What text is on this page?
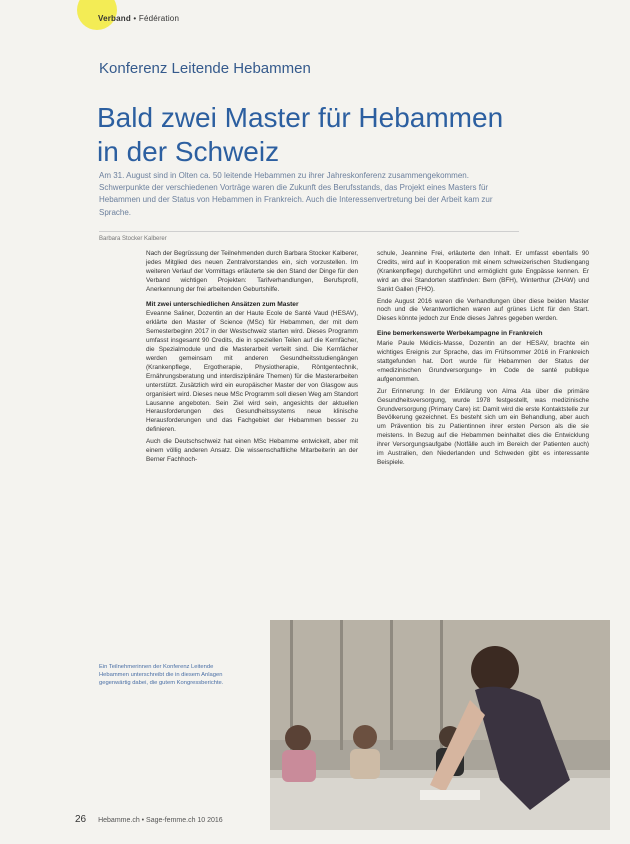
Verband • Fédération
Konferenz Leitende Hebammen
Bald zwei Master für Hebammen in der Schweiz
Am 31. August sind in Olten ca. 50 leitende Hebammen zu ihrer Jahreskonferenz zusammengekommen. Schwerpunkte der verschiedenen Vorträge waren die Zukunft des Berufsstands, das Projekt eines Masters für Hebammen und der Status von Hebammen in Frankreich. Auch die Interessenvertretung bei der Arbeit kam zur Sprache.
Barbara Stocker Kalberer

Nach der Begrüssung der Teilnehmenden durch Barbara Stocker Kalberer, jedes Mitglied des neuen Zentralvorstandes ein, sich vorzustellen. Im weiteren Verlauf der Vormittags erläuterte sie den Stand der Dinge für den Verband wichtigen Projekten: Tarifverhandlungen, Berufsprofil, Anerkennung der frei arbeitenden Geburtshilfe.

Mit zwei unterschiedlichen Ansätzen zum Master

Eveanne Saliner, Dozentin an der Haute Ecole de Santé Vaud (HESAV), erklärte den Master of Science (MSc) für Hebammen, der mit dem Semesterbeginn 2017 in der Westschweiz starten wird. Dieses Programm umfasst insgesamt 90 Credits, die in speziellen Teilen auf die Kernfächer, die Spezialmodule und die Masterarbeit verteilt sind. Die Kernfächer werden gemeinsam mit anderen Gesundheitsstudiengängen (Krankenpflege, Ergotherapie, Physiotherapie, Röntgentechnik, Ernährungsberatung und interdisziplinäre Themen) für die Masterarbeiten unterstützt. Zusätzlich wird ein europäischer Master der von Glasgow aus organisiert wird. Dieses neue MSc Programm soll diesen Weg am Standort Lausanne angeboten. Sein Ziel wird sein, angesichts der aktuellen Herausforderungen des Gesundheitssystems neue klinische Herausforderungen und das Fachgebiet der Hebammen besser zu definieren.

Auch die Deutschschweiz hat einen MSc Hebamme entwickelt, aber mit einem völlig anderen Ansatz. Die wissenschaftliche Mitarbeiterin an der Berner Fachhoch-

schule, Jeannine Frei, erläuterte den Inhalt. Er umfasst ebenfalls 90 Credits, wird auf in Kooperation mit einem schweizerischen Studiengang (Krankenpflege) durchgeführt und ermöglicht gute Engpässe kennen. Er wird an drei Standorten stattfinden: Bern (BFH), Winterthur (ZHAW) und Sankt Gallen (FHO).

Ende August 2016 waren die Verhandlungen über diese beiden Master noch und die Verantwortlichen waren auf grünes Licht für den Start. Dieses könnte jedoch zur Ende dieses Jahres gegeben werden.

Eine bemerkenswerte Werbekampagne in Frankreich

Marie Paule Médicis-Masse, Dozentin an der HESAV, brachte ein wichtiges Ereignis zur Sprache, das im Frühsommer 2016 in Frankreich stattgefunden hat. Dort wurde für Hebammen der Status der «medizinischen Grundversorgung» im Code de santé publique aufgenommen.

Zur Erinnerung: In der Erklärung von Alma Ata über die primäre Gesundheitsversorgung, wurde 1978 festgestellt, was medizinische Grundversorgung (Primary Care) ist: Damit wird die erste Kontaktstelle zur Bevölkerung gezeichnet. Es besteht sich um ein Behandlung, aber auch um Prävention bis zu Patientinnen ihrer ersten Person als die sie meistens. In Bezug auf die Hebammen beinhaltet dies die Entwicklung ihrer Versorgungsaufgabe (Notfälle auch im Bereich der Patienten auch) im Australien, den Niederlanden und Schweden gibt es interessante Beispiele.

Ein Teilnehmerinnen der Konferenz Leitende Hebammen unterschreibt die in diesem Anlagen gegenwärtig dabei, die gutem Kongressberichte.
26 Hebamme.ch • Sage-femme.ch 10 2016
